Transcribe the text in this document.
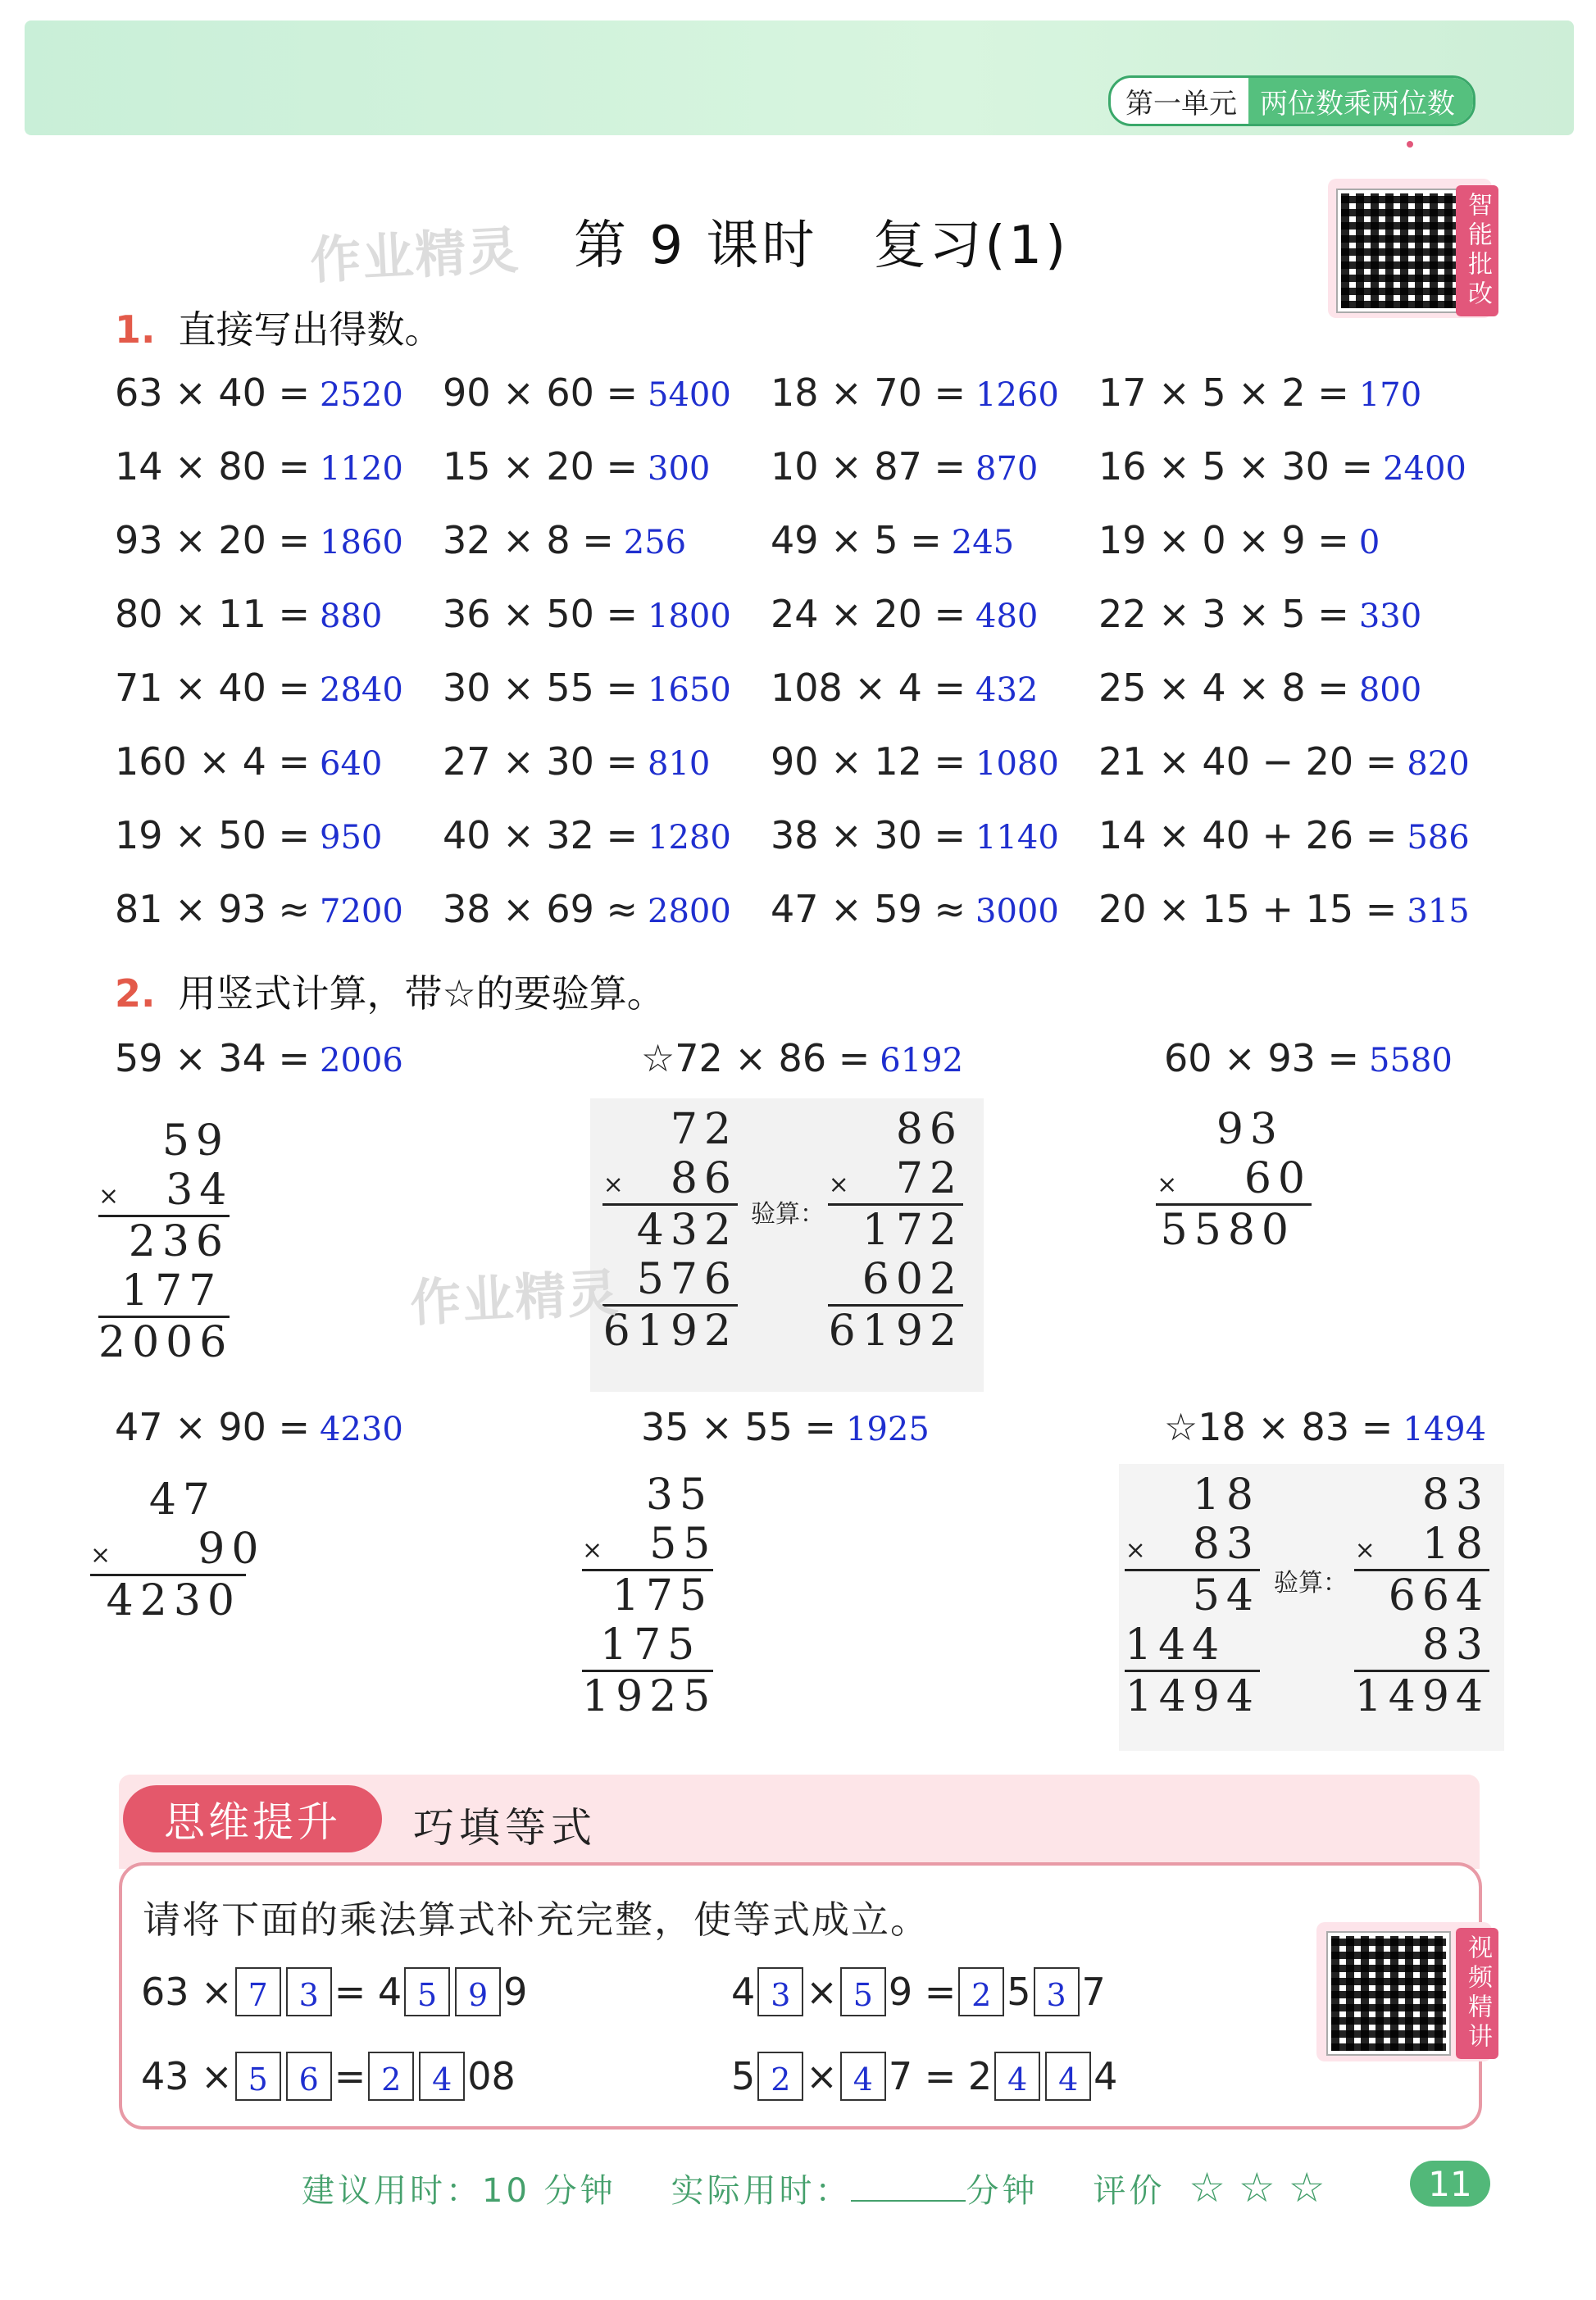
第一单元 两位数乘两位数
智能批改
作业精灵 第 9 课时　复习(1)
1. 直接写出得数。
63 × 40 = 2520 90 × 60 = 5400 18 × 70 = 1260 17 × 5 × 2 = 170
14 × 80 = 1120 15 × 20 = 300 10 × 87 = 870 16 × 5 × 30 = 2400
93 × 20 = 1860 32 × 8 = 256 49 × 5 = 245 19 × 0 × 9 = 0
80 × 11 = 880 36 × 50 = 1800 24 × 20 = 480 22 × 3 × 5 = 330
71 × 40 = 2840 30 × 55 = 1650 108 × 4 = 432 25 × 4 × 8 = 800
160 × 4 = 640 27 × 30 = 810 90 × 12 = 1080 21 × 40 − 20 = 820
19 × 50 = 950 40 × 32 = 1280 38 × 30 = 1140 14 × 40 + 26 = 586
81 × 93 ≈ 7200 38 × 69 ≈ 2800 47 × 59 ≈ 3000 20 × 15 + 15 = 315
2. 用竖式计算，带☆的要验算。
59 × 34 = 2006
59
× 34
236
177
2006
☆72 × 86 = 6192
72
× 86
432
576
6192
验算：
86
× 72
172
602
6192
作业精灵
60 × 93 = 5580
93
× 60
5580
47 × 90 = 4230
47
× 90
4230
35 × 55 = 1925
35
× 55
175
175
1925
☆18 × 83 = 1494
18
× 83
54
144
1494
验算：
83
× 18
664
83
1494
思维提升	巧填等式
请将下面的乘法算式补充完整，使等式成立。
视频精讲
63 × 7 3 = 4 5 9 9	4 3 × 5 9 = 2 5 3 7
43 × 5 6 = 2 4 08	5 2 × 4 7 = 2 4 4 4
建议用时：10 分钟 实际用时：	分钟 评价 ☆ ☆ ☆	11
